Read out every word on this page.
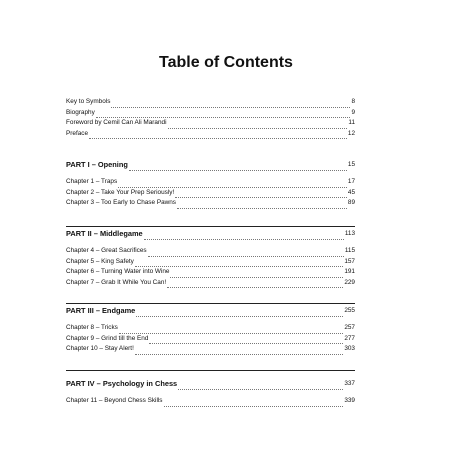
Table of Contents
Key to Symbols	8
Biography	9
Foreword by Cemil Can Ali Marandi	11
Preface	12
PART I – Opening	15
Chapter 1 – Traps	17
Chapter 2 – Take Your Prep Seriously!	45
Chapter 3 – Too Early to Chase Pawns	89
PART II – Middlegame	113
Chapter 4 – Great Sacrifices	115
Chapter 5 – King Safety	157
Chapter 6 – Turning Water into Wine	191
Chapter 7 – Grab It While You Can!	229
PART III – Endgame	255
Chapter 8 – Tricks	257
Chapter 9 – Grind till the End	277
Chapter 10 – Stay Alert!	303
PART IV – Psychology in Chess	337
Chapter 11 – Beyond Chess Skills	339
